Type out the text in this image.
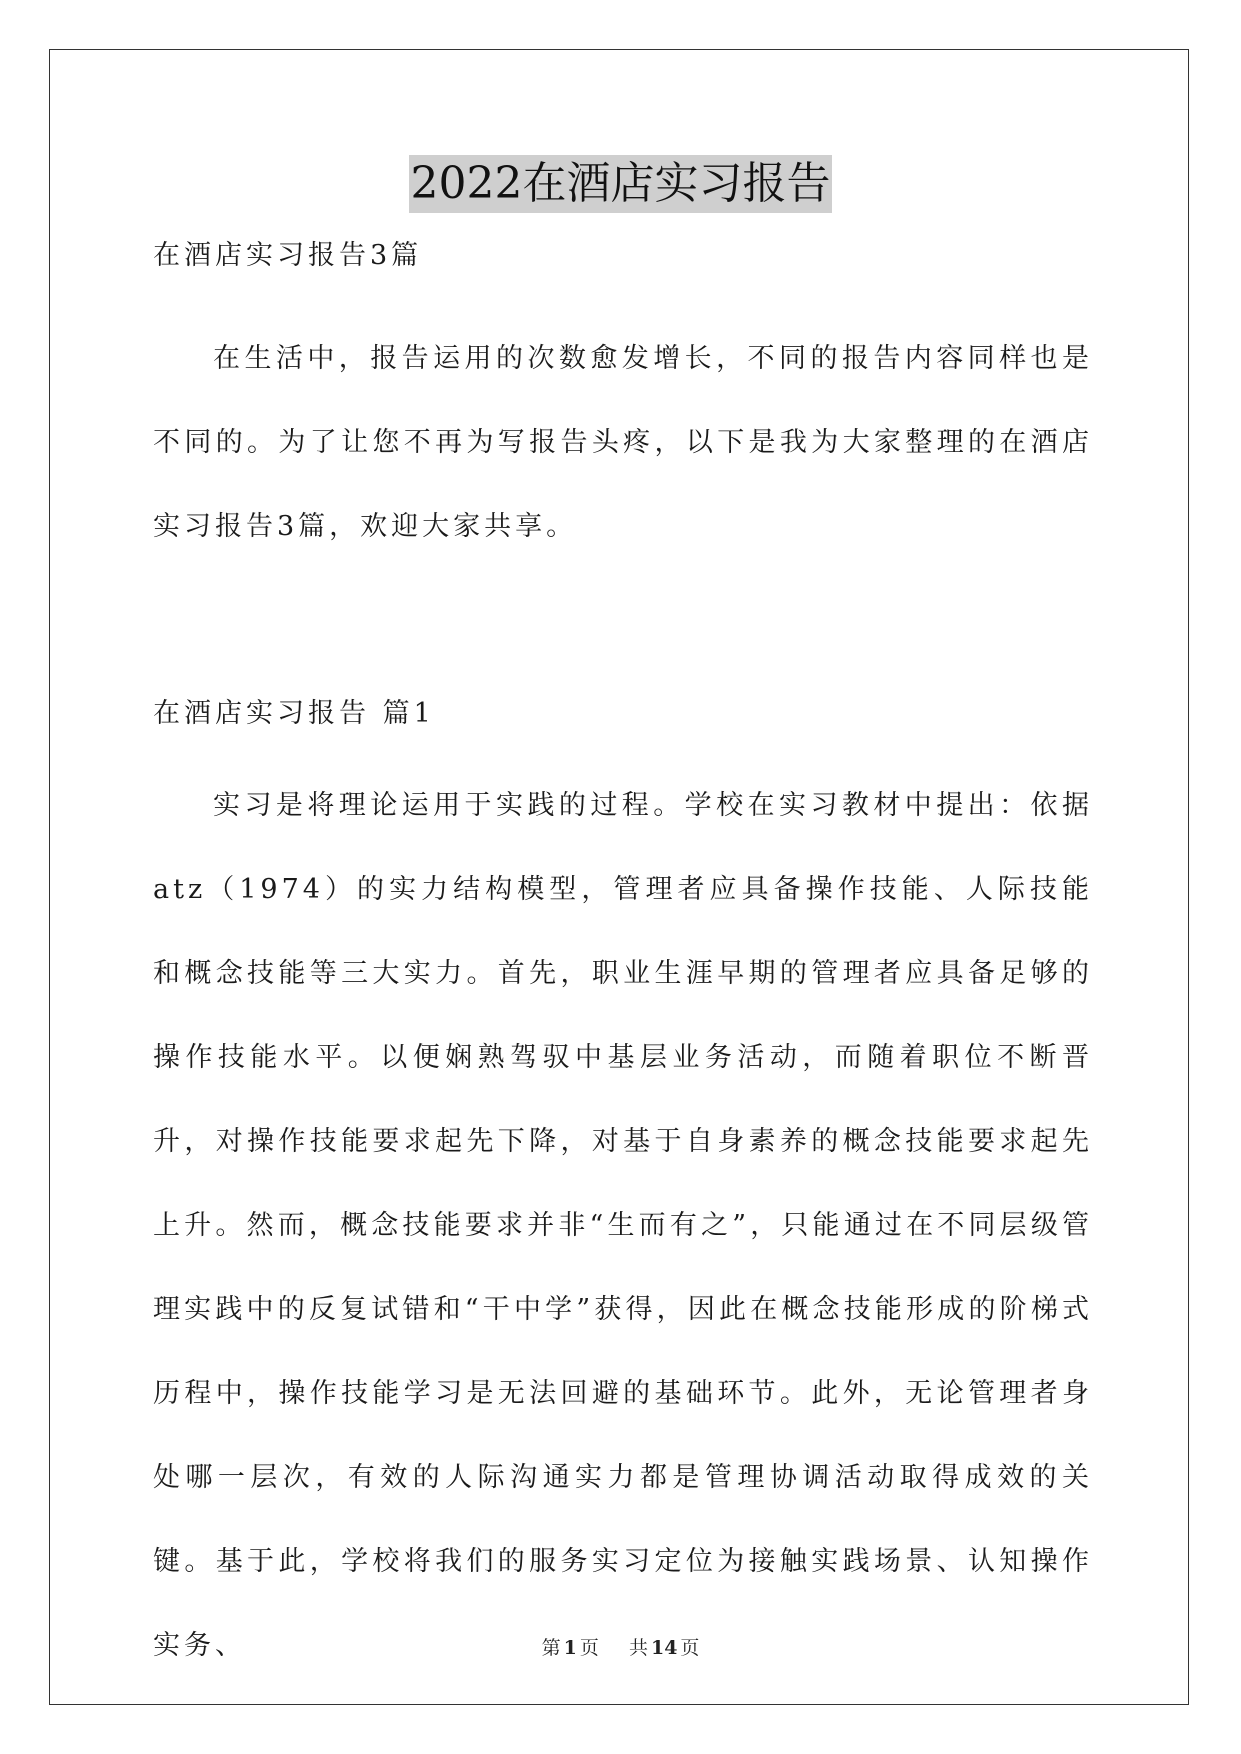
2022在酒店实习报告

在酒店实习报告3篇

在生活中，报告运用的次数愈发增长，不同的报告内容同样也是不同的。为了让您不再为写报告头疼，以下是我为大家整理的在酒店实习报告3篇，欢迎大家共享。

在酒店实习报告 篇1

实习是将理论运用于实践的过程。学校在实习教材中提出：依据atz（1974）的实力结构模型，管理者应具备操作技能、人际技能和概念技能等三大实力。首先，职业生涯早期的管理者应具备足够的操作技能水平。以便娴熟驾驭中基层业务活动，而随着职位不断晋升，对操作技能要求起先下降，对基于自身素养的概念技能要求起先上升。然而，概念技能要求并非“生而有之”，只能通过在不同层级管理实践中的反复试错和“干中学”获得，因此在概念技能形成的阶梯式历程中，操作技能学习是无法回避的基础环节。此外，无论管理者身处哪一层次，有效的人际沟通实力都是管理协调活动取得成效的关键。基于此，学校将我们的服务实习定位为接触实践场景、认知操作实务、	第 1 页 共 14 页
